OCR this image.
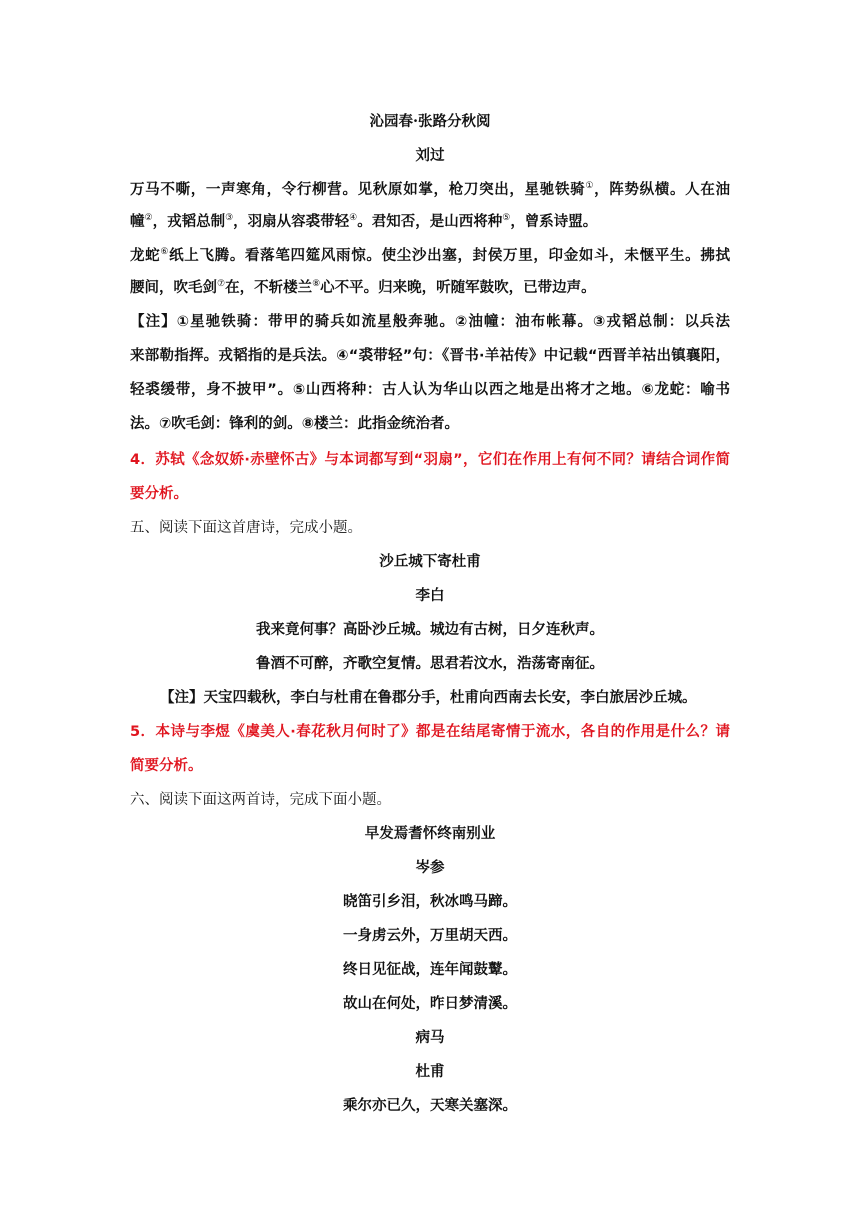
沁园春·张路分秋阅
刘过
万马不嘶，一声寒角，令行柳营。见秋原如掌，枪刀突出，星驰铁骑①，阵势纵横。人在油
幢②，戎韬总制③，羽扇从容裘带轻④。君知否，是山西将种⑤，曾系诗盟。
龙蛇⑥纸上飞腾。看落笔四筵风雨惊。使尘沙出塞，封侯万里，印金如斗，未惬平生。拂拭
腰间，吹毛剑⑦在，不斩楼兰⑧心不平。归来晚，听随军鼓吹，已带边声。
【注】①星驰铁骑：带甲的骑兵如流星般奔驰。②油幢：油布帐幕。③戎韬总制：以兵法
来部勒指挥。戎韬指的是兵法。④“裘带轻”句：《晋书·羊祜传》中记载“西晋羊祜出镇襄阳，
轻裘缓带，身不披甲”。⑤山西将种：古人认为华山以西之地是出将才之地。⑥龙蛇：喻书
法。⑦吹毛剑：锋利的剑。⑧楼兰：此指金统治者。
4．苏轼《念奴娇·赤壁怀古》与本词都写到“羽扇”，它们在作用上有何不同？请结合词作简
要分析。
五、阅读下面这首唐诗，完成小题。
沙丘城下寄杜甫
李白
我来竟何事？高卧沙丘城。城边有古树，日夕连秋声。
鲁酒不可醉，齐歌空复情。思君若汶水，浩荡寄南征。
【注】天宝四载秋，李白与杜甫在鲁郡分手，杜甫向西南去长安，李白旅居沙丘城。
5．本诗与李煜《虞美人·春花秋月何时了》都是在结尾寄情于流水，各自的作用是什么？请
简要分析。
六、阅读下面这两首诗，完成下面小题。
早发焉耆怀终南别业
岑参
晓笛引乡泪，秋冰鸣马蹄。
一身虏云外，万里胡天西。
终日见征战，连年闻鼓鼙。
故山在何处，昨日梦清溪。
病马
杜甫
乘尔亦已久，天寒关塞深。
